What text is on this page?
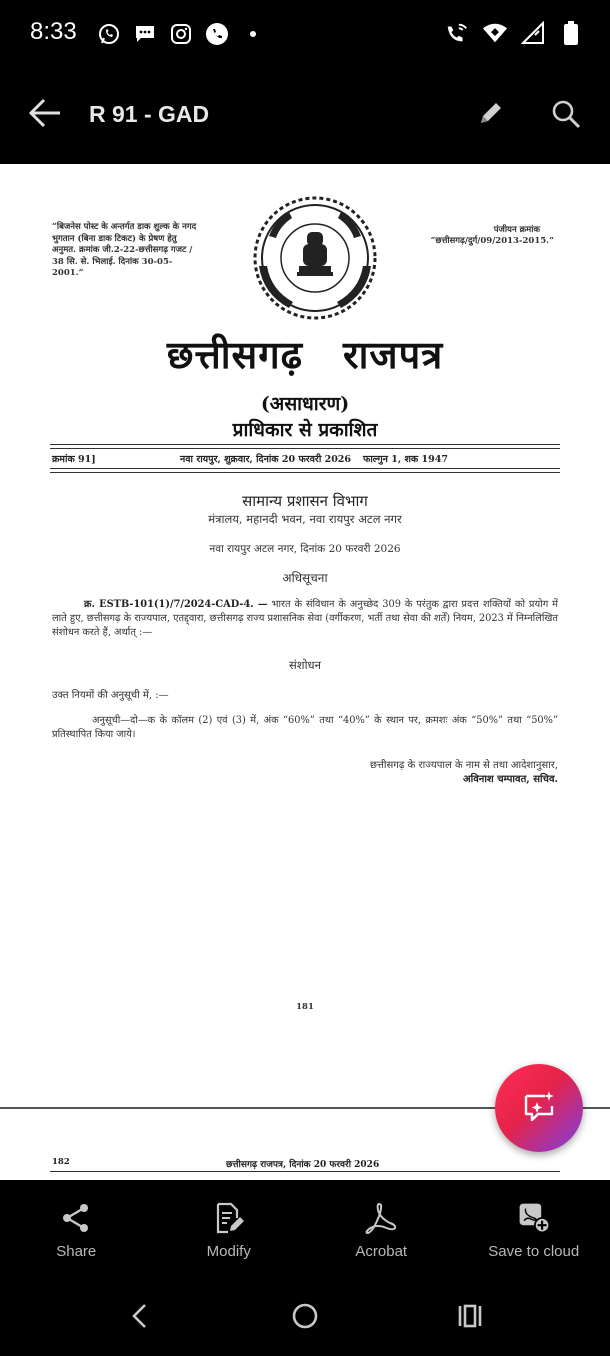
8:33
R 91 - GAD
“बिजनेस पोस्ट के अन्तर्गत डाक शुल्क के नगद भुगतान (बिना डाक टिकट) के प्रेषण हेतु अनुमत. क्रमांक जी.2-22-छत्तीसगढ़ गजट / 38 सि. से. भिलाई. दिनांक 30-05-2001.”
पंजीयन क्रमांक
“छत्तीसगढ़/दुर्ग/09/2013-2015.”
छत्तीसगढ़ राजपत्र
(असाधारण)
प्राधिकार से प्रकाशित
क्रमांक 91]	नवा रायपुर, शुक्रवार, दिनांक 20 फरवरी 2026 फाल्गुन 1, शक 1947
सामान्य प्रशासन विभाग
मंत्रालय, महानदी भवन, नवा रायपुर अटल नगर
नवा रायपुर अटल नगर, दिनांक 20 फरवरी 2026
अधिसूचना
क्र. ESTB-101(1)/7/2024-CAD-4. — भारत के संविधान के अनुच्छेद 309 के परंतुक द्वारा प्रदत्त शक्तियों को प्रयोग में लाते हुए, छत्तीसगढ़ के राज्यपाल, एतद्द्वारा, छत्तीसगढ़ राज्य प्रशासनिक सेवा (वर्गीकरण, भर्ती तथा सेवा की शर्तें) नियम, 2023 में निम्नलिखित संशोधन करते हैं, अर्थात् :—
संशोधन
उक्त नियमों की अनुसूची में, :—
अनुसूची—दो—क के कॉलम (2) एवं (3) में, अंक “60%” तथा “40%” के स्थान पर, क्रमशः अंक “50%” तथा “50%” प्रतिस्थापित किया जाये।
छत्तीसगढ़ के राज्यपाल के नाम से तथा आदेशानुसार,
अविनाश चम्पावत, सचिव.
181
182	छत्तीसगढ़ राजपत्र, दिनांक 20 फरवरी 2026
Share	Modify	Acrobat	Save to cloud
